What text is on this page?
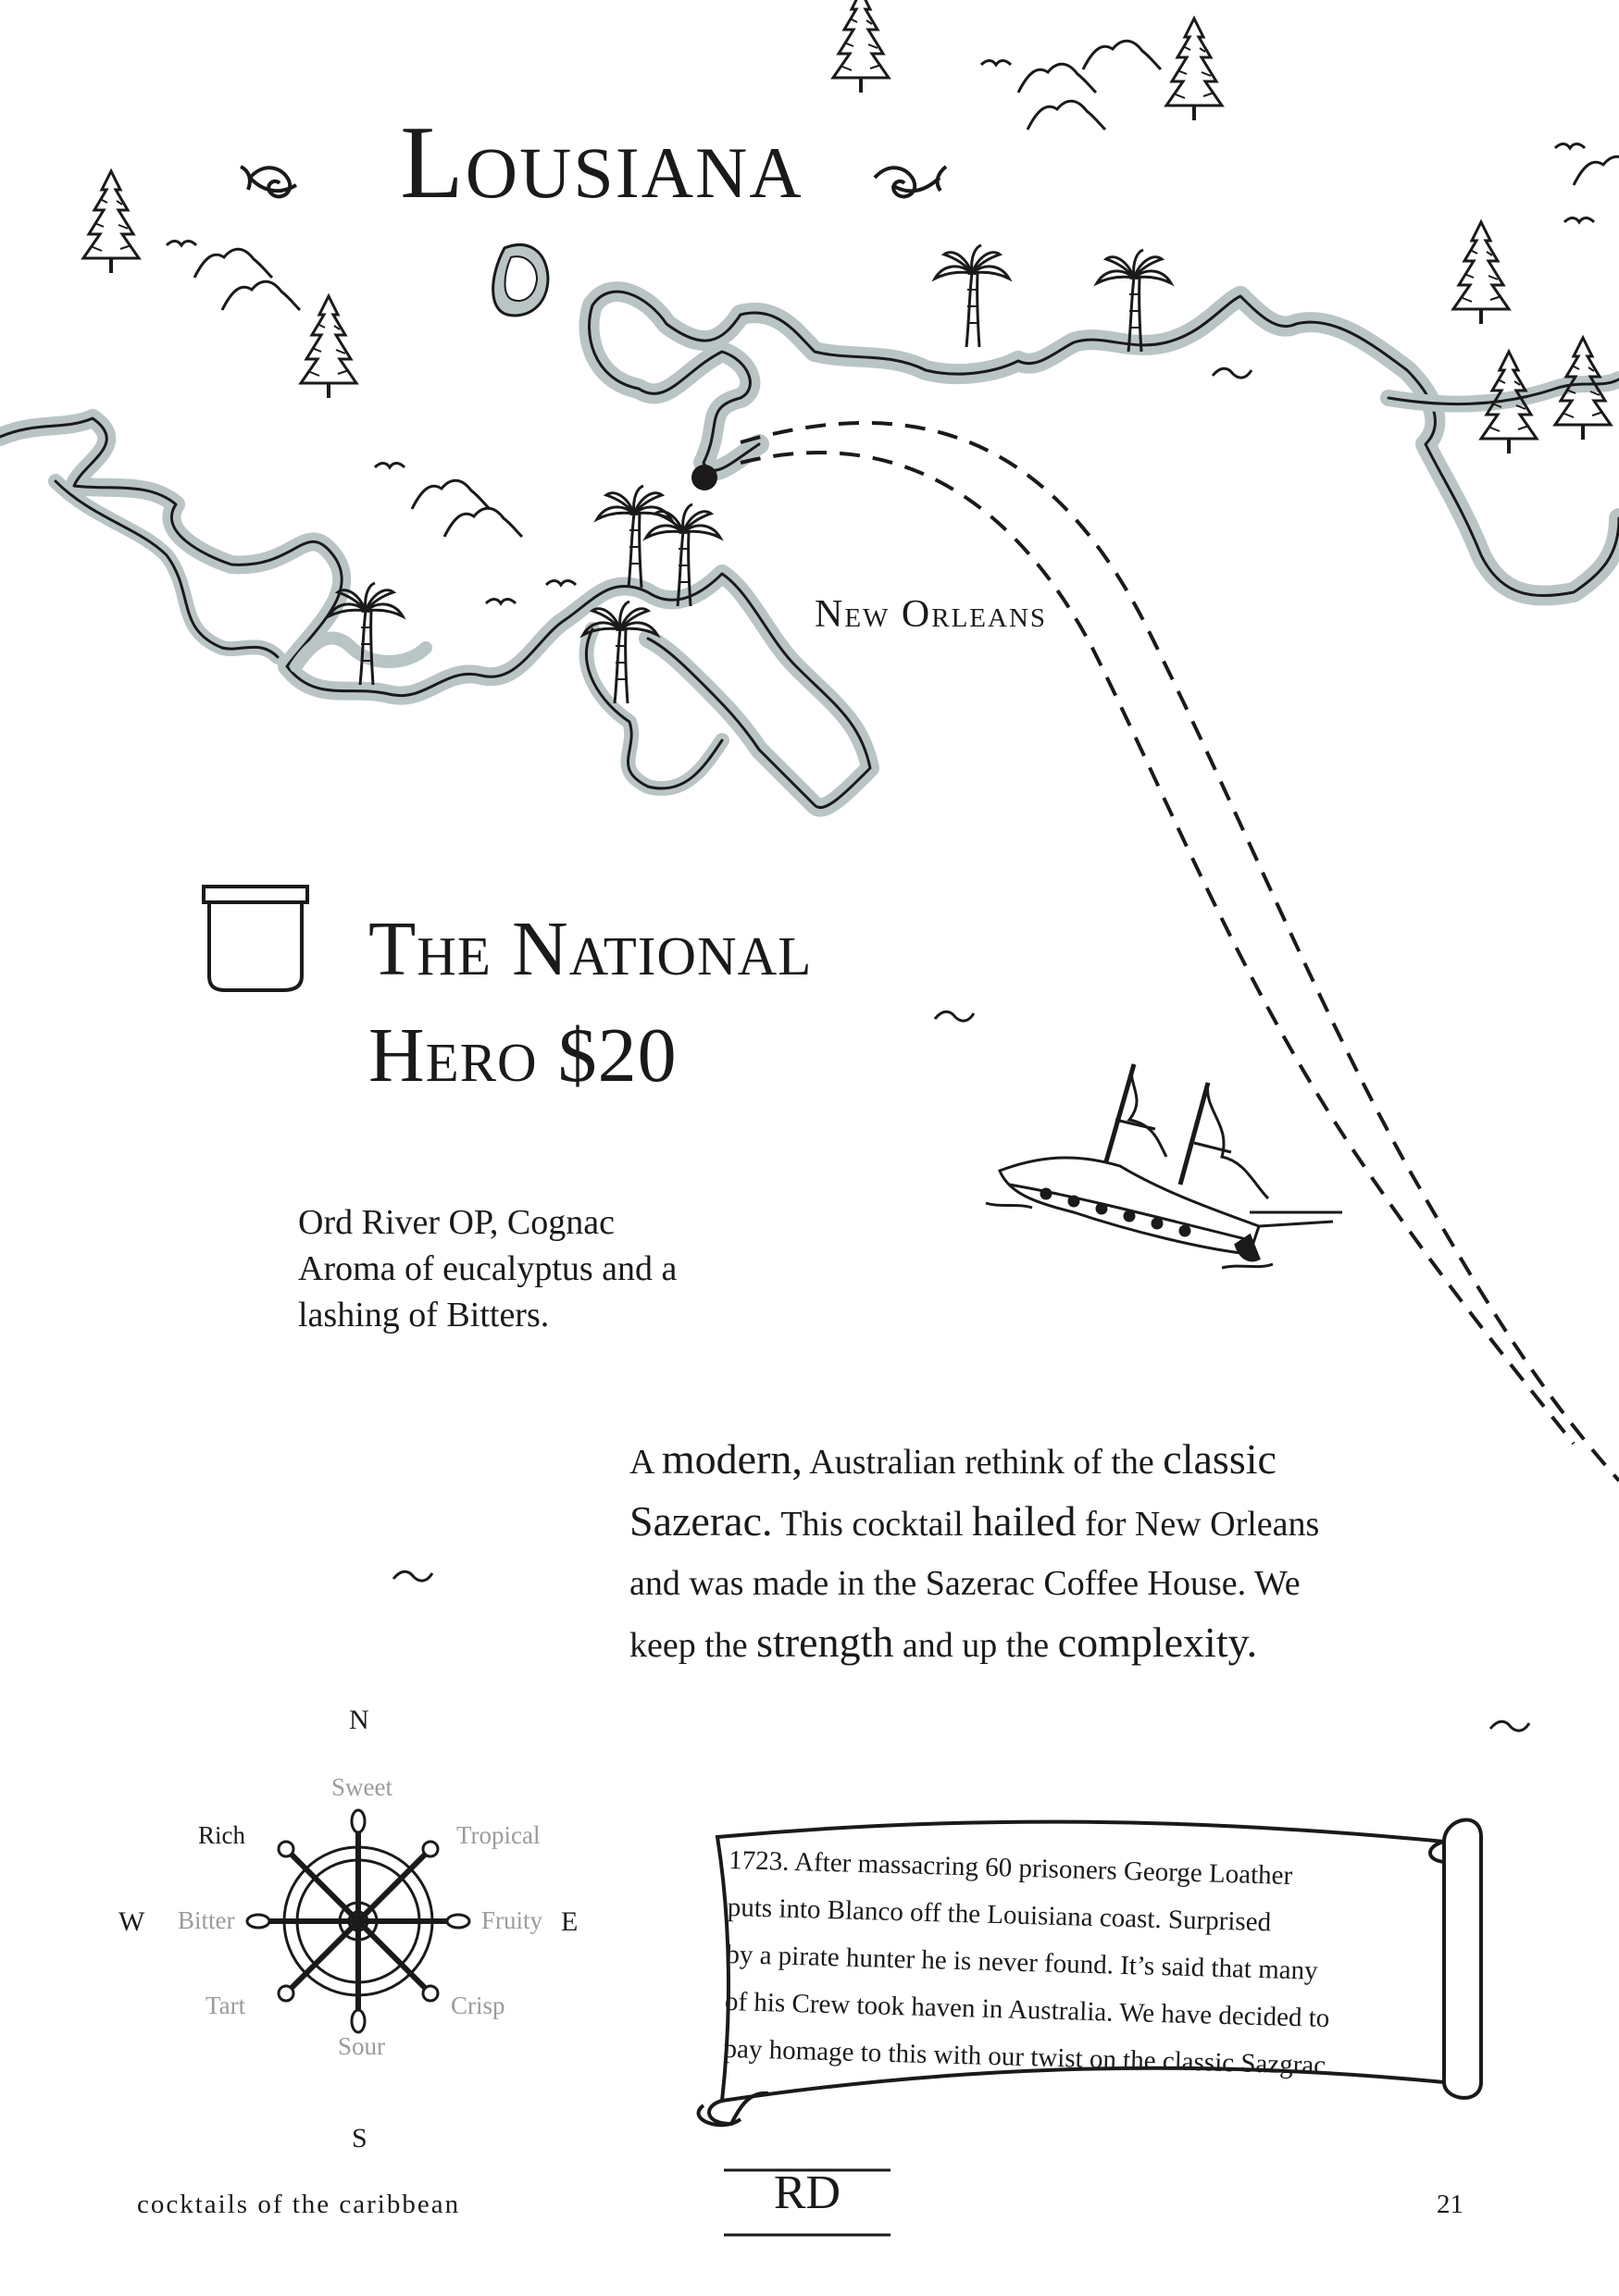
Lousiana
New Orleans
The National
Hero $20
Ord River OP, Cognac
Aroma of eucalyptus and a
lashing of Bitters.
A modern, Australian rethink of the classic
Sazerac. This cocktail hailed for New Orleans
and was made in the Sazerac Coffee House. We
keep the strength and up the complexity.
N
S
W	E
Sweet
Tropical
Fruity
Crisp
Sour
Tart
Bitter
Rich
1723. After massacring 60 prisoners George Loather
puts into Blanco off the Louisiana coast. Surprised
by a pirate hunter he is never found. It’s said that many
of his Crew took haven in Australia. We have decided to
pay homage to this with our twist on the classic Sazgrac.
cocktails of the caribbean	RD	21
